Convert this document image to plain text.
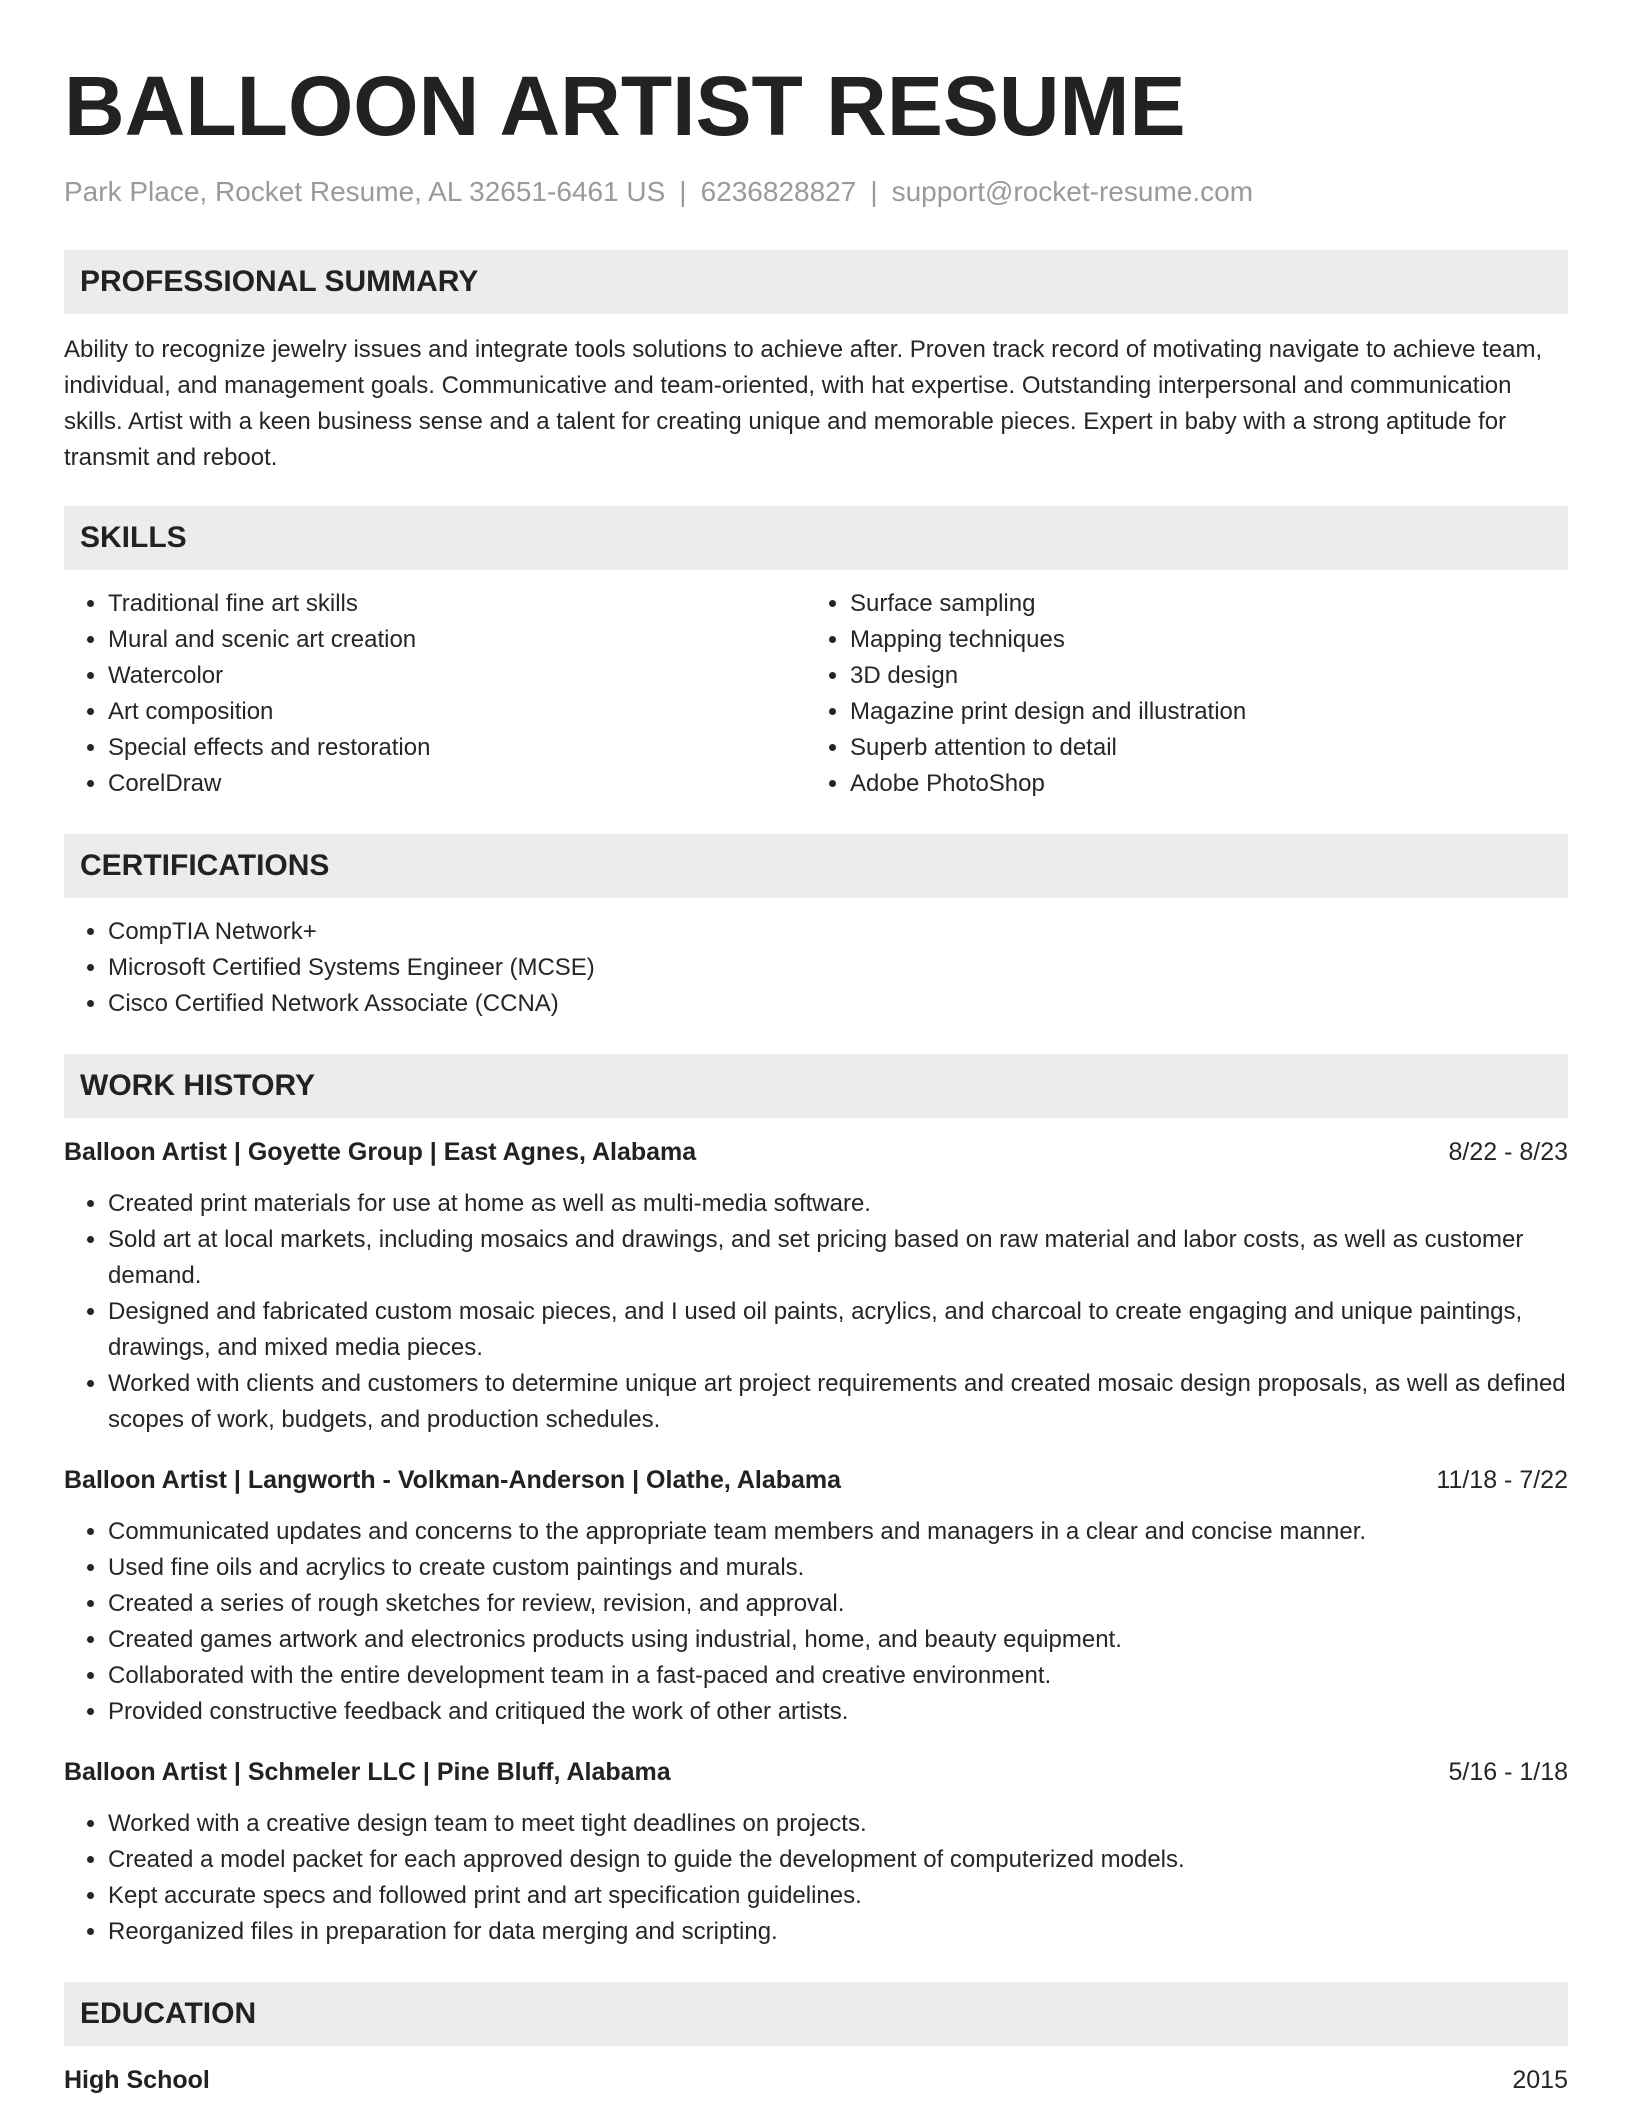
BALLOON ARTIST RESUME
Park Place, Rocket Resume, AL 32651-6461 US | 6236828827 | support@rocket-resume.com
PROFESSIONAL SUMMARY

Ability to recognize jewelry issues and integrate tools solutions to achieve after. Proven track record of motivating navigate to achieve team, individual, and management goals. Communicative and team-oriented, with hat expertise. Outstanding interpersonal and communication skills. Artist with a keen business sense and a talent for creating unique and memorable pieces. Expert in baby with a strong aptitude for transmit and reboot.

SKILLS
• Traditional fine art skills
• Mural and scenic art creation
• Watercolor
• Art composition
• Special effects and restoration
• CorelDraw
• Surface sampling
• Mapping techniques
• 3D design
• Magazine print design and illustration
• Superb attention to detail
• Adobe PhotoShop
CERTIFICATIONS
• CompTIA Network+
• Microsoft Certified Systems Engineer (MCSE)
• Cisco Certified Network Associate (CCNA)
WORK HISTORY
Balloon Artist | Goyette Group | East Agnes, Alabama	8/22 - 8/23
• Created print materials for use at home as well as multi-media software.
• Sold art at local markets, including mosaics and drawings, and set pricing based on raw material and labor costs, as well as customer demand.
• Designed and fabricated custom mosaic pieces, and I used oil paints, acrylics, and charcoal to create engaging and unique paintings, drawings, and mixed media pieces.
• Worked with clients and customers to determine unique art project requirements and created mosaic design proposals, as well as defined scopes of work, budgets, and production schedules.
Balloon Artist | Langworth - Volkman-Anderson | Olathe, Alabama	11/18 - 7/22
• Communicated updates and concerns to the appropriate team members and managers in a clear and concise manner.
• Used fine oils and acrylics to create custom paintings and murals.
• Created a series of rough sketches for review, revision, and approval.
• Created games artwork and electronics products using industrial, home, and beauty equipment.
• Collaborated with the entire development team in a fast-paced and creative environment.
• Provided constructive feedback and critiqued the work of other artists.
Balloon Artist | Schmeler LLC | Pine Bluff, Alabama	5/16 - 1/18
• Worked with a creative design team to meet tight deadlines on projects.
• Created a model packet for each approved design to guide the development of computerized models.
• Kept accurate specs and followed print and art specification guidelines.
• Reorganized files in preparation for data merging and scripting.
EDUCATION
High School	2015
